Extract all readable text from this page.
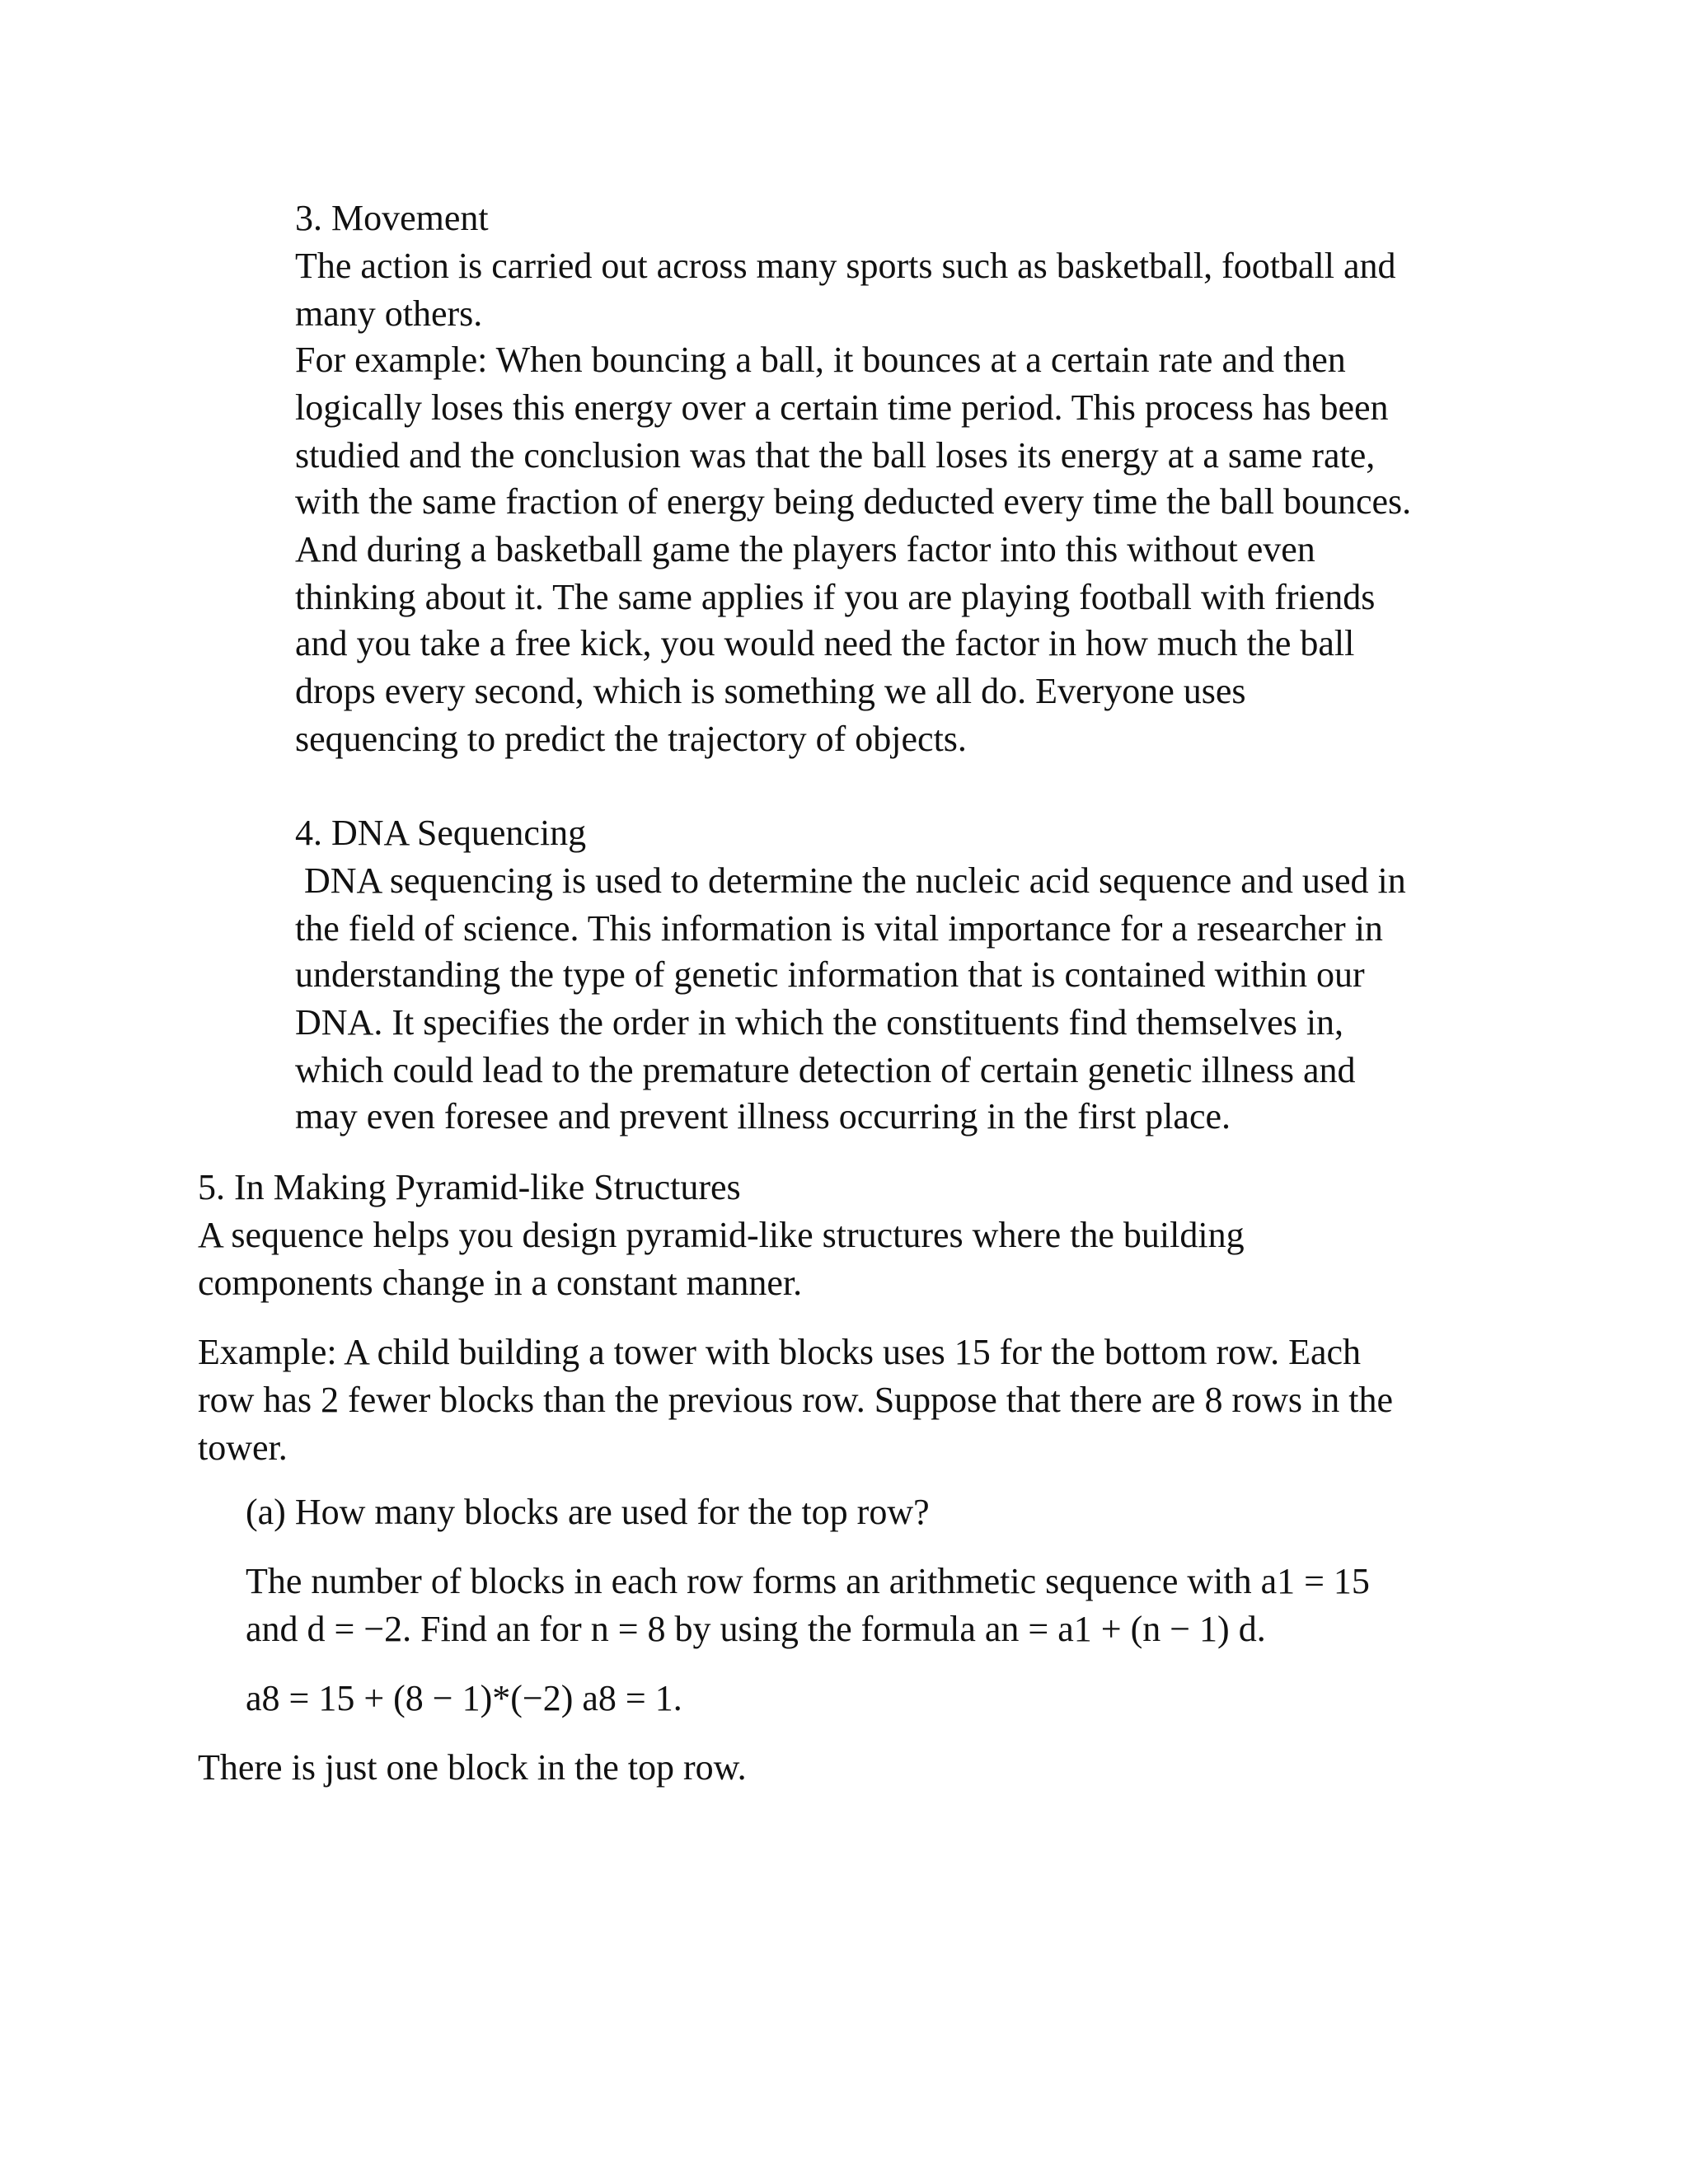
3. Movement
The action is carried out across many sports such as basketball, football and
many others.
For example: When bouncing a ball, it bounces at a certain rate and then
logically loses this energy over a certain time period. This process has been
studied and the conclusion was that the ball loses its energy at a same rate,
with the same fraction of energy being deducted every time the ball bounces.
And during a basketball game the players factor into this without even
thinking about it. The same applies if you are playing football with friends
and you take a free kick, you would need the factor in how much the ball
drops every second, which is something we all do. Everyone uses
sequencing to predict the trajectory of objects.
4. DNA Sequencing
DNA sequencing is used to determine the nucleic acid sequence and used in
the field of science. This information is vital importance for a researcher in
understanding the type of genetic information that is contained within our
DNA. It specifies the order in which the constituents find themselves in,
which could lead to the premature detection of certain genetic illness and
may even foresee and prevent illness occurring in the first place.
5. In Making Pyramid-like Structures
A sequence helps you design pyramid-like structures where the building
components change in a constant manner.
Example: A child building a tower with blocks uses 15 for the bottom row. Each
row has 2 fewer blocks than the previous row. Suppose that there are 8 rows in the
tower.
(a) How many blocks are used for the top row?
The number of blocks in each row forms an arithmetic sequence with a1 = 15
and d = −2. Find an for n = 8 by using the formula an = a1 + (n − 1) d.
a8 = 15 + (8 − 1)*(−2) a8 = 1.
There is just one block in the top row.
